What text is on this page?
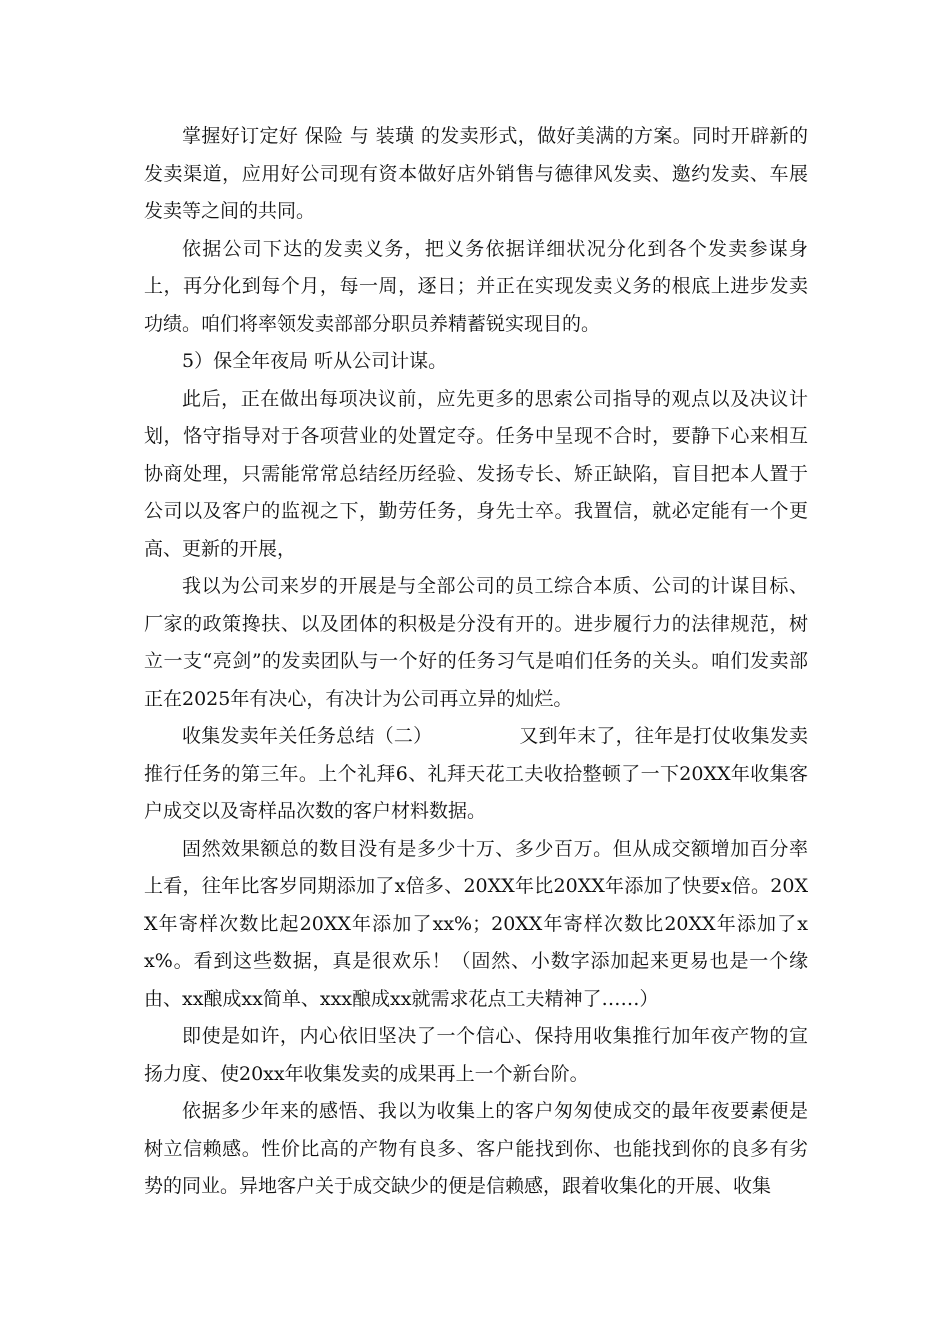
掌握好订定好 保险 与 装璜 的发卖形式，做好美满的方案。同时开辟新的发卖渠道，应用好公司现有资本做好店外销售与德律风发卖、邀约发卖、车展发卖等之间的共同。

依据公司下达的发卖义务，把义务依据详细状况分化到各个发卖参谋身上，再分化到每个月，每一周，逐日；并正在实现发卖义务的根底上进步发卖功绩。咱们将率领发卖部部分职员养精蓄锐实现目的。

5）保全年夜局 听从公司计谋。

此后，正在做出每项决议前，应先更多的思索公司指导的观点以及决议计划，恪守指导对于各项营业的处置定夺。任务中呈现不合时，要静下心来相互协商处理，只需能常常总结经历经验、发扬专长、矫正缺陷，盲目把本人置于公司以及客户的监视之下，勤劳任务，身先士卒。我置信，就必定能有一个更高、更新的开展，

我以为公司来岁的开展是与全部公司的员工综合本质、公司的计谋目标、厂家的政策搀扶、以及团体的积极是分没有开的。进步履行力的法律规范，树立一支“亮剑”的发卖团队与一个好的任务习气是咱们任务的关头。咱们发卖部正在2025年有决心，有决计为公司再立异的灿烂。

收集发卖年关任务总结（二）　　　　　又到年末了，往年是打仗收集发卖推行任务的第三年。上个礼拜6、礼拜天花工夫收拾整顿了一下20XX年收集客户成交以及寄样品次数的客户材料数据。

固然效果额总的数目没有是多少十万、多少百万。但从成交额增加百分率上看，往年比客岁同期添加了x倍多、20XX年比20XX年添加了快要x倍。20XX年寄样次数比起20XX年添加了xx%；20XX年寄样次数比20XX年添加了xx%。看到这些数据，真是很欢乐！（固然、小数字添加起来更易也是一个缘由、xx酿成xx简单、xxx酿成xx就需求花点工夫精神了……）

即使是如许，内心依旧坚决了一个信心、保持用收集推行加年夜产物的宣扬力度、使20xx年收集发卖的成果再上一个新台阶。

依据多少年来的感悟、我以为收集上的客户匆匆使成交的最年夜要素便是树立信赖感。性价比高的产物有良多、客户能找到你、也能找到你的良多有劣势的同业。异地客户关于成交缺少的便是信赖感，跟着收集化的开展、收集
